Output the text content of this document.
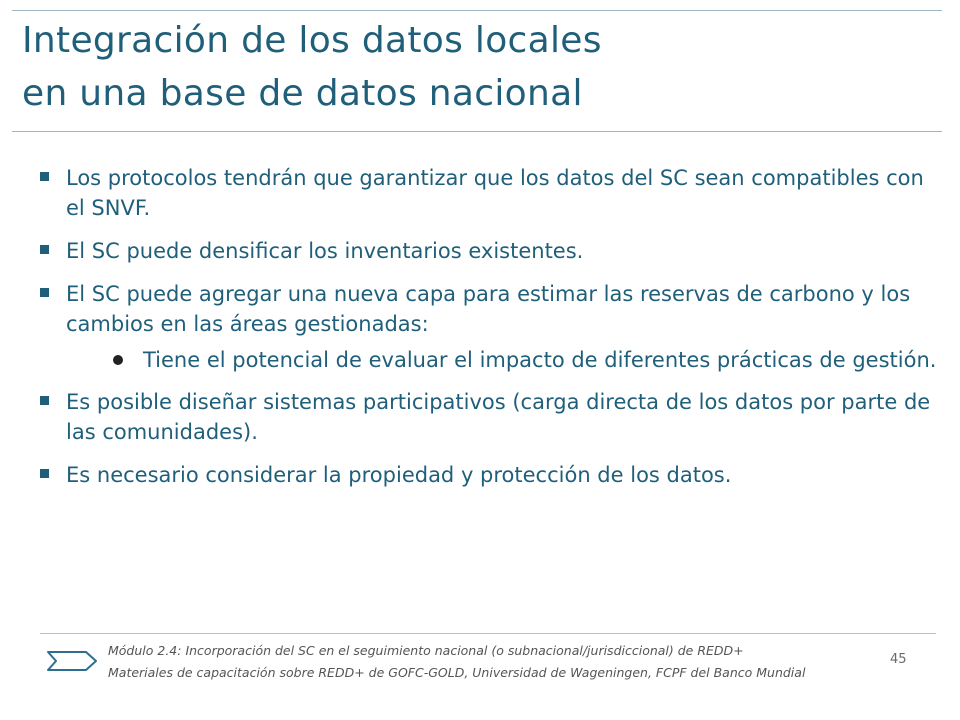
Integración de los datos locales
en una base de datos nacional
Los protocolos tendrán que garantizar que los datos del SC sean compatibles con el SNVF.
El SC puede densificar los inventarios existentes.
El SC puede agregar una nueva capa para estimar las reservas de carbono y los cambios en las áreas gestionadas:
Tiene el potencial de evaluar el impacto de diferentes prácticas de gestión.
Es posible diseñar sistemas participativos (carga directa de los datos por parte de las comunidades).
Es necesario considerar la propiedad y protección de los datos.

Módulo 2.4: Incorporación del SC en el seguimiento nacional (o subnacional/jurisdiccional) de REDD+
Materiales de capacitación sobre REDD+ de GOFC-GOLD, Universidad de Wageningen, FCPF del Banco Mundial

45
